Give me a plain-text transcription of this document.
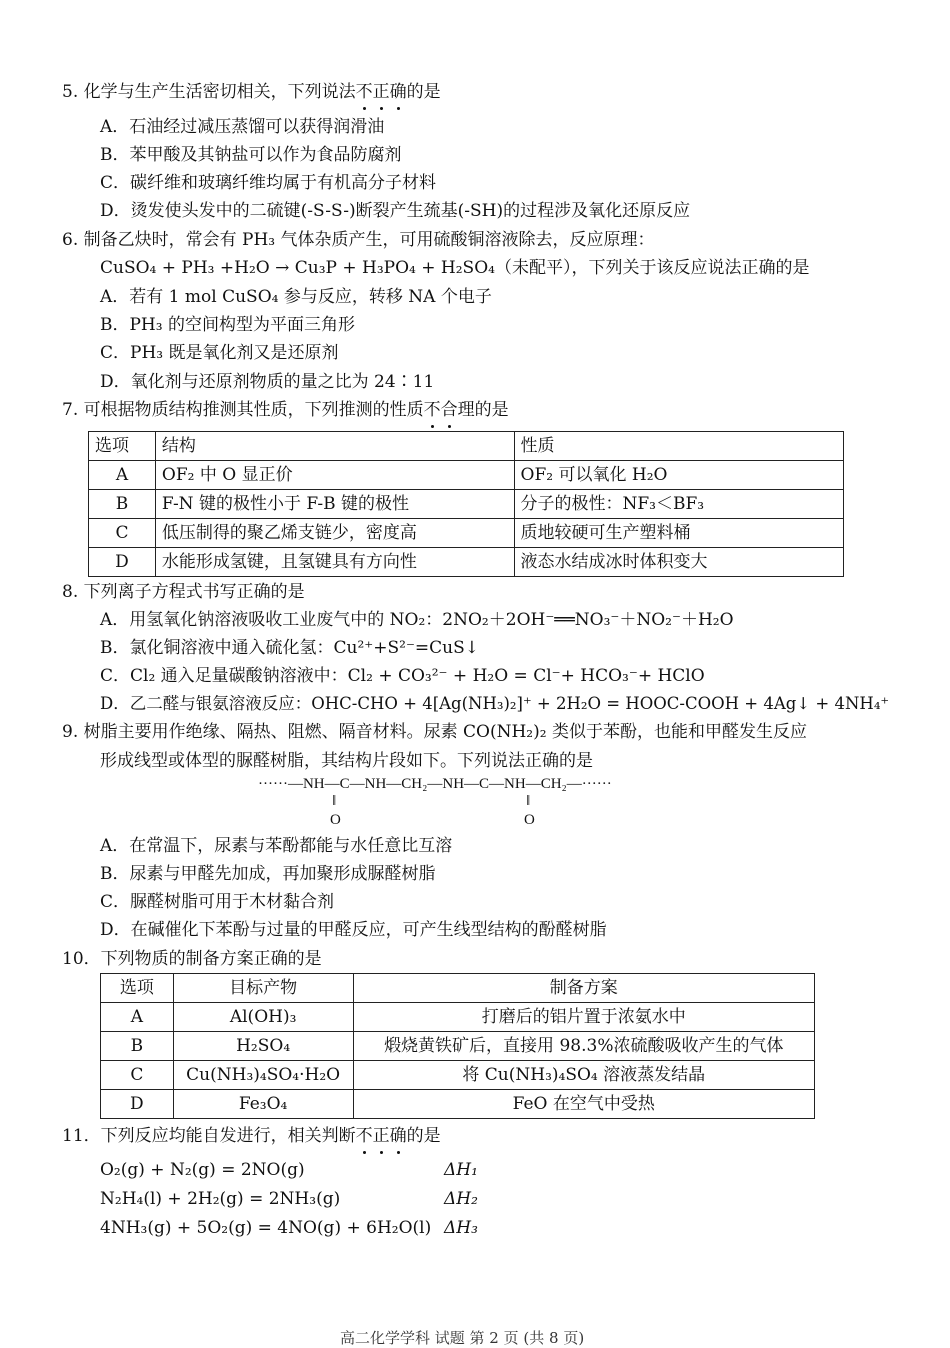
5. 化学与生产生活密切相关，下列说法不正确的是
A．石油经过减压蒸馏可以获得润滑油
B．苯甲酸及其钠盐可以作为食品防腐剂
C．碳纤维和玻璃纤维均属于有机高分子材料
D．烫发使头发中的二硫键(-S-S-)断裂产生巯基(-SH)的过程涉及氧化还原反应
6. 制备乙炔时，常会有 PH₃ 气体杂质产生，可用硫酸铜溶液除去，反应原理：
CuSO₄ + PH₃ +H₂O → Cu₃P + H₃PO₄ + H₂SO₄（未配平），下列关于该反应说法正确的是
A．若有 1 mol CuSO₄ 参与反应，转移 NA 个电子
B．PH₃ 的空间构型为平面三角形
C．PH₃ 既是氧化剂又是还原剂
D．氧化剂与还原剂物质的量之比为 24∶11
7. 可根据物质结构推测其性质，下列推测的性质不合理的是
选项	结构	性质
A	OF₂ 中 O 显正价	OF₂ 可以氧化 H₂O
B	F-N 键的极性小于 F-B 键的极性	分子的极性：NF₃＜BF₃
C	低压制得的聚乙烯支链少，密度高	质地较硬可生产塑料桶
D	水能形成氢键，且氢键具有方向性	液态水结成冰时体积变大
8. 下列离子方程式书写正确的是
A．用氢氧化钠溶液吸收工业废气中的 NO₂：2NO₂＋2OH⁻══NO₃⁻＋NO₂⁻＋H₂O
B．氯化铜溶液中通入硫化氢：Cu²⁺+S²⁻=CuS↓
C．Cl₂ 通入足量碳酸钠溶液中：Cl₂ + CO₃²⁻ + H₂O = Cl⁻+ HCO₃⁻+ HClO
D．乙二醛与银氨溶液反应：OHC-CHO + 4[Ag(NH₃)₂]⁺ + 2H₂O = HOOC-COOH + 4Ag↓ + 4NH₄⁺
9. 树脂主要用作绝缘、隔热、阻燃、隔音材料。尿素 CO(NH₂)₂ 类似于苯酚，也能和甲醛发生反应
形成线型或体型的脲醛树脂，其结构片段如下。下列说法正确的是
······—NH—C—NH—CH₂—NH—C—NH—CH₂—······
‖	‖
O	O
A．在常温下，尿素与苯酚都能与水任意比互溶
B．尿素与甲醛先加成，再加聚形成脲醛树脂
C．脲醛树脂可用于木材黏合剂
D．在碱催化下苯酚与过量的甲醛反应，可产生线型结构的酚醛树脂
10．下列物质的制备方案正确的是
选项	目标产物	制备方案
A	Al(OH)₃	打磨后的铝片置于浓氨水中
B	H₂SO₄	煅烧黄铁矿后，直接用 98.3%浓硫酸吸收产生的气体
C	Cu(NH₃)₄SO₄·H₂O	将 Cu(NH₃)₄SO₄ 溶液蒸发结晶
D	Fe₃O₄	FeO 在空气中受热
11．下列反应均能自发进行，相关判断不正确的是
O₂(g) + N₂(g) = 2NO(g)	ΔH₁
N₂H₄(l) + 2H₂(g) = 2NH₃(g)	ΔH₂
4NH₃(g) + 5O₂(g) = 4NO(g) + 6H₂O(l) ΔH₃
高二化学学科 试题 第 2 页 (共 8 页)
